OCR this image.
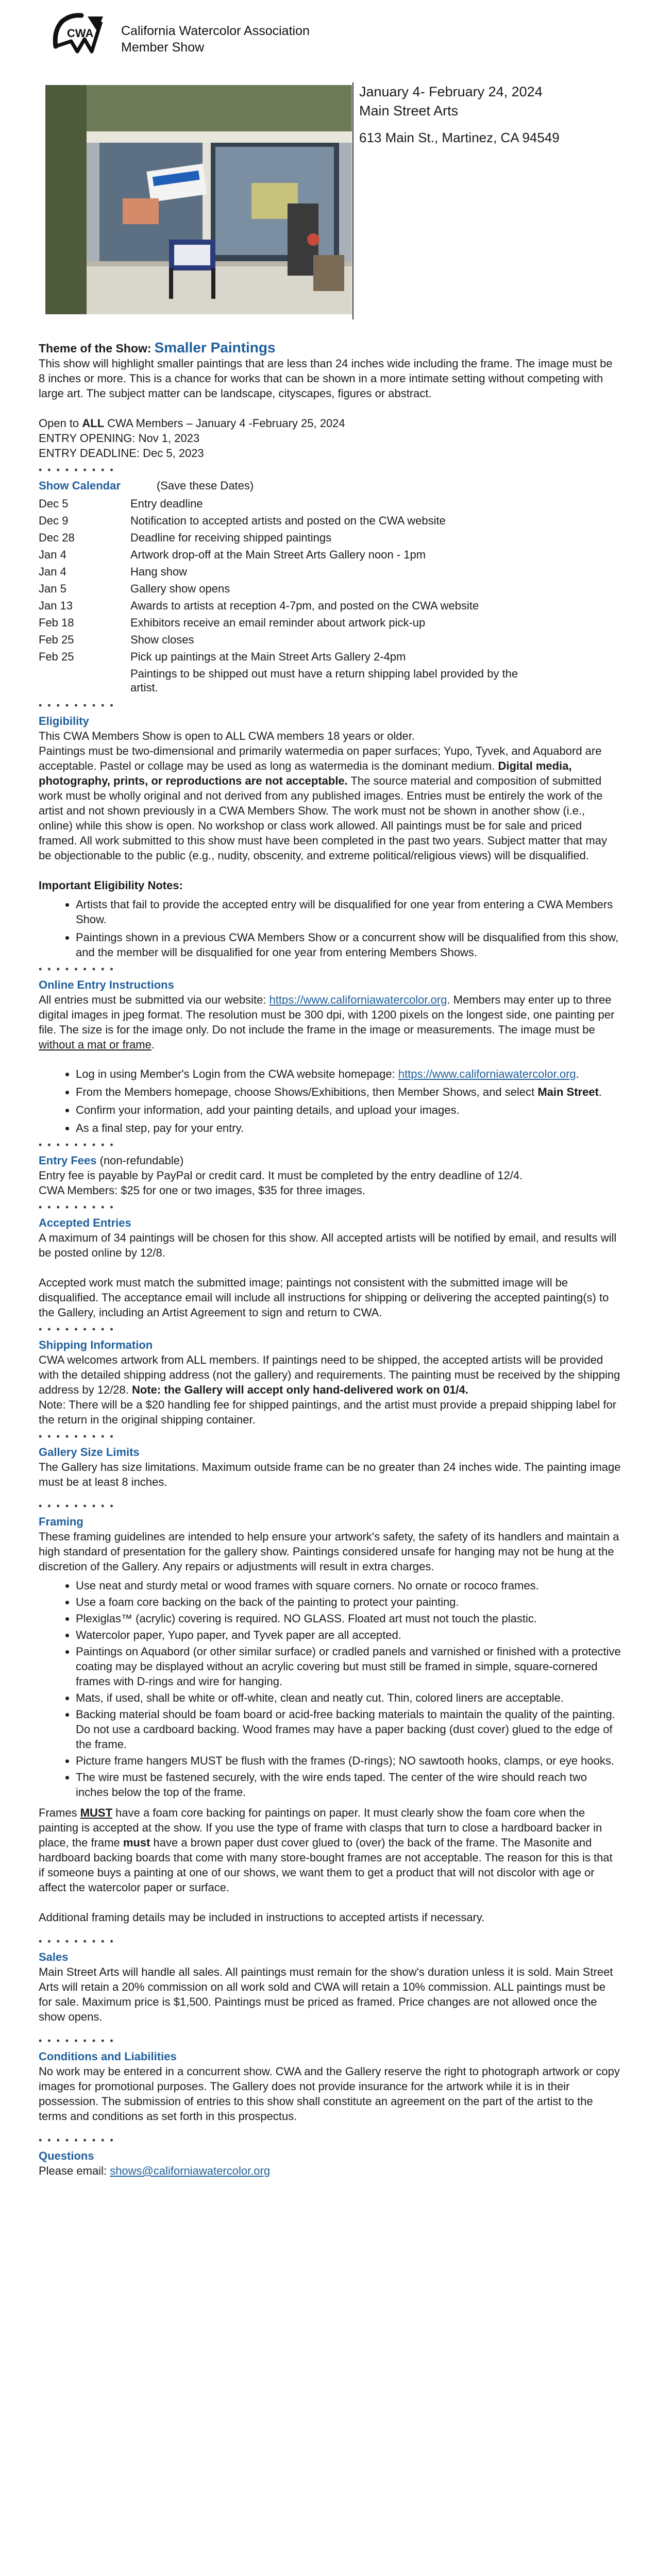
CWA California Watercolor Association
Member Show
January 4- February 24, 2024
Main Street Arts
613 Main St., Martinez, CA 94549

Theme of the Show: Smaller Paintings

This show will highlight smaller paintings that are less than 24 inches wide including the frame. The image must be 8 inches or more. This is a chance for works that can be shown in a more intimate setting without competing with large art. The subject matter can be landscape, cityscapes, figures or abstract.

Open to ALL CWA Members – January 4 -February 25, 2024

ENTRY OPENING: Nov 1, 2023

ENTRY DEADLINE: Dec 5, 2023

• • • • • • • • •

Show Calendar	(Save these Dates)

Dec 5	Entry deadline
Dec 9	Notification to accepted artists and posted on the CWA website
Dec 28	Deadline for receiving shipped paintings
Jan 4	Artwork drop-off at the Main Street Arts Gallery noon - 1pm
Jan 4	Hang show
Jan 5	Gallery show opens
Jan 13	Awards to artists at reception 4-7pm, and posted on the CWA website
Feb 18	Exhibitors receive an email reminder about artwork pick-up
Feb 25	Show closes
Feb 25	Pick up paintings at the Main Street Arts Gallery 2-4pm
	Paintings to be shipped out must have a return shipping label provided by the artist.
• • • • • • • • •

Eligibility

This CWA Members Show is open to ALL CWA members 18 years or older.

Paintings must be two-dimensional and primarily watermedia on paper surfaces; Yupo, Tyvek, and Aquabord are acceptable. Pastel or collage may be used as long as watermedia is the dominant medium. Digital media, photography, prints, or reproductions are not acceptable. The source material and composition of submitted work must be wholly original and not derived from any published images. Entries must be entirely the work of the artist and not shown previously in a CWA Members Show. The work must not be shown in another show (i.e., online) while this show is open. No workshop or class work allowed. All paintings must be for sale and priced framed. All work submitted to this show must have been completed in the past two years. Subject matter that may be objectionable to the public (e.g., nudity, obscenity, and extreme political/religious views) will be disqualified.

Important Eligibility Notes:

• Artists that fail to provide the accepted entry will be disqualified for one year from entering a CWA Members Show.
• Paintings shown in a previous CWA Members Show or a concurrent show will be disqualified from this show, and the member will be disqualified for one year from entering Members Shows.
• • • • • • • • •

Online Entry Instructions

All entries must be submitted via our website: https://www.californiawatercolor.org. Members may enter up to three digital images in jpeg format. The resolution must be 300 dpi, with 1200 pixels on the longest side, one painting per file. The size is for the image only. Do not include the frame in the image or measurements. The image must be without a mat or frame.

• Log in using Member's Login from the CWA website homepage: https://www.californiawatercolor.org.
• From the Members homepage, choose Shows/Exhibitions, then Member Shows, and select Main Street.
• Confirm your information, add your painting details, and upload your images.
• As a final step, pay for your entry.
• • • • • • • • •

Entry Fees (non-refundable)

Entry fee is payable by PayPal or credit card. It must be completed by the entry deadline of 12/4.

CWA Members: $25 for one or two images, $35 for three images.

• • • • • • • • •

Accepted Entries

A maximum of 34 paintings will be chosen for this show. All accepted artists will be notified by email, and results will be posted online by 12/8.

Accepted work must match the submitted image; paintings not consistent with the submitted image will be disqualified. The acceptance email will include all instructions for shipping or delivering the accepted painting(s) to the Gallery, including an Artist Agreement to sign and return to CWA.

• • • • • • • • •

Shipping Information

CWA welcomes artwork from ALL members. If paintings need to be shipped, the accepted artists will be provided with the detailed shipping address (not the gallery) and requirements. The painting must be received by the shipping address by 12/28. Note: the Gallery will accept only hand-delivered work on 01/4.

Note: There will be a $20 handling fee for shipped paintings, and the artist must provide a prepaid shipping label for the return in the original shipping container.

• • • • • • • • •

Gallery Size Limits

The Gallery has size limitations. Maximum outside frame can be no greater than 24 inches wide. The painting image must be at least 8 inches.

• • • • • • • • •

Framing

These framing guidelines are intended to help ensure your artwork's safety, the safety of its handlers and maintain a high standard of presentation for the gallery show. Paintings considered unsafe for hanging may not be hung at the discretion of the Gallery. Any repairs or adjustments will result in extra charges.

• Use neat and sturdy metal or wood frames with square corners. No ornate or rococo frames.
• Use a foam core backing on the back of the painting to protect your painting.
• Plexiglas™ (acrylic) covering is required. NO GLASS. Floated art must not touch the plastic.
• Watercolor paper, Yupo paper, and Tyvek paper are all accepted.
• Paintings on Aquabord (or other similar surface) or cradled panels and varnished or finished with a protective coating may be displayed without an acrylic covering but must still be framed in simple, square-cornered frames with D-rings and wire for hanging.
• Mats, if used, shall be white or off-white, clean and neatly cut. Thin, colored liners are acceptable.
• Backing material should be foam board or acid-free backing materials to maintain the quality of the painting. Do not use a cardboard backing. Wood frames may have a paper backing (dust cover) glued to the edge of the frame.
• Picture frame hangers MUST be flush with the frames (D-rings); NO sawtooth hooks, clamps, or eye hooks.
• The wire must be fastened securely, with the wire ends taped. The center of the wire should reach two inches below the top of the frame.

Frames MUST have a foam core backing for paintings on paper. It must clearly show the foam core when the painting is accepted at the show. If you use the type of frame with clasps that turn to close a hardboard backer in place, the frame must have a brown paper dust cover glued to (over) the back of the frame. The Masonite and hardboard backing boards that come with many store-bought frames are not acceptable. The reason for this is that if someone buys a painting at one of our shows, we want them to get a product that will not discolor with age or affect the watercolor paper or surface.

Additional framing details may be included in instructions to accepted artists if necessary.

• • • • • • • • •

Sales

Main Street Arts will handle all sales. All paintings must remain for the show's duration unless it is sold. Main Street Arts will retain a 20% commission on all work sold and CWA will retain a 10% commission. ALL paintings must be for sale. Maximum price is $1,500. Paintings must be priced as framed. Price changes are not allowed once the show opens.

• • • • • • • • •

Conditions and Liabilities

No work may be entered in a concurrent show. CWA and the Gallery reserve the right to photograph artwork or copy images for promotional purposes. The Gallery does not provide insurance for the artwork while it is in their possession. The submission of entries to this show shall constitute an agreement on the part of the artist to the terms and conditions as set forth in this prospectus.

• • • • • • • • •

Questions

Please email: shows@californiawatercolor.org
